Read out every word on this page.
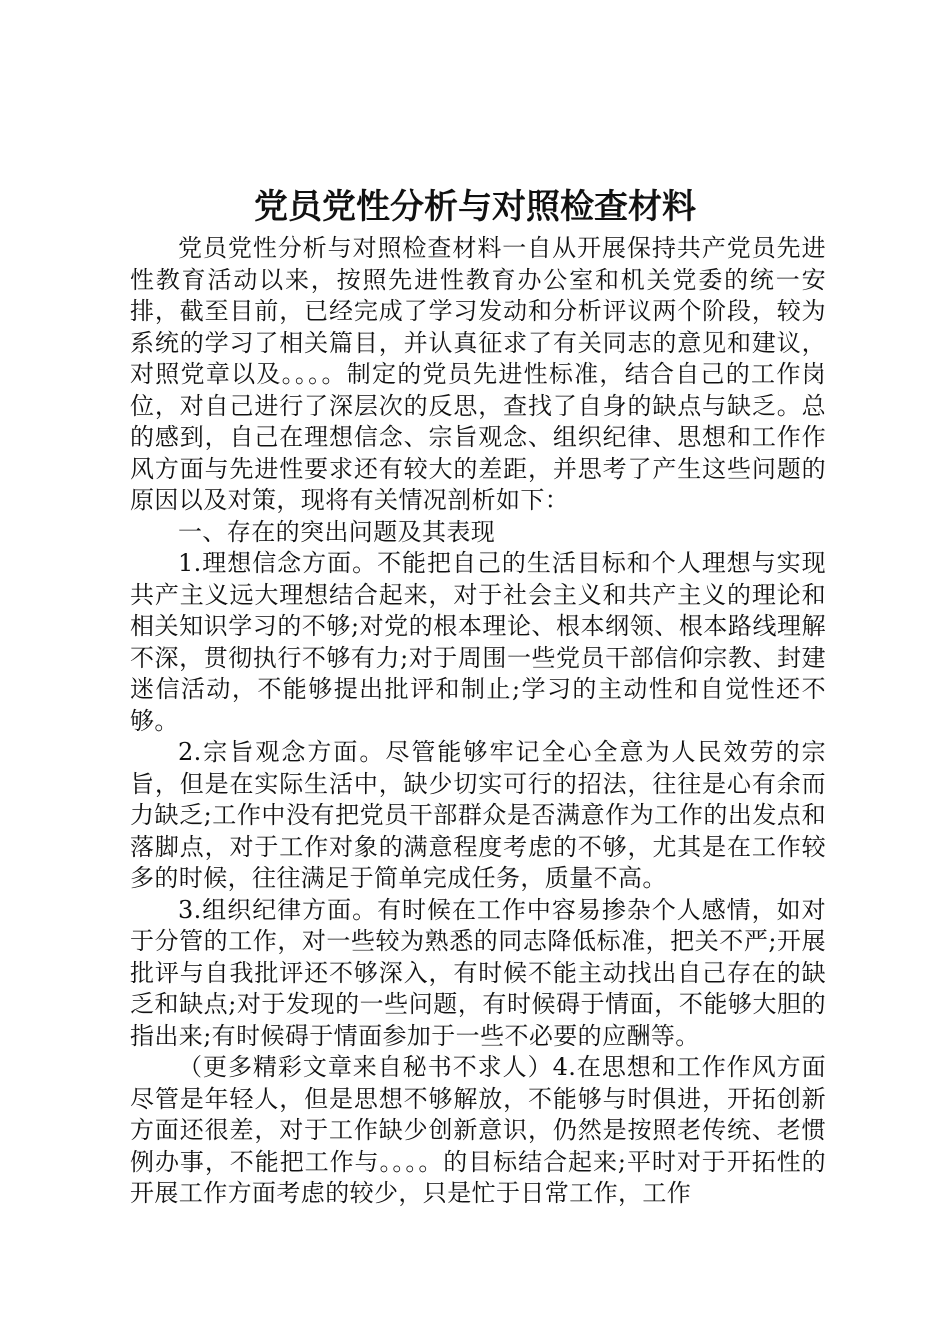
党员党性分析与对照检查材料

党员党性分析与对照检查材料一自从开展保持共产党员先进性教育活动以来，按照先进性教育办公室和机关党委的统一安排，截至目前，已经完成了学习发动和分析评议两个阶段，较为系统的学习了相关篇目，并认真征求了有关同志的意见和建议，对照党章以及。。。。制定的党员先进性标准，结合自己的工作岗位，对自己进行了深层次的反思，查找了自身的缺点与缺乏。总的感到，自己在理想信念、宗旨观念、组织纪律、思想和工作作风方面与先进性要求还有较大的差距，并思考了产生这些问题的原因以及对策，现将有关情况剖析如下：

一、存在的突出问题及其表现

1.理想信念方面。不能把自己的生活目标和个人理想与实现共产主义远大理想结合起来，对于社会主义和共产主义的理论和相关知识学习的不够;对党的根本理论、根本纲领、根本路线理解不深，贯彻执行不够有力;对于周围一些党员干部信仰宗教、封建迷信活动，不能够提出批评和制止;学习的主动性和自觉性还不够。

2.宗旨观念方面。尽管能够牢记全心全意为人民效劳的宗旨，但是在实际生活中，缺少切实可行的招法，往往是心有余而力缺乏;工作中没有把党员干部群众是否满意作为工作的出发点和落脚点，对于工作对象的满意程度考虑的不够，尤其是在工作较多的时候，往往满足于简单完成任务，质量不高。

3.组织纪律方面。有时候在工作中容易掺杂个人感情，如对于分管的工作，对一些较为熟悉的同志降低标准，把关不严;开展批评与自我批评还不够深入，有时候不能主动找出自己存在的缺乏和缺点;对于发现的一些问题，有时候碍于情面，不能够大胆的指出来;有时候碍于情面参加于一些不必要的应酬等。

（更多精彩文章来自秘书不求人）4.在思想和工作作风方面尽管是年轻人，但是思想不够解放，不能够与时俱进，开拓创新方面还很差，对于工作缺少创新意识，仍然是按照老传统、老惯例办事，不能把工作与。。。。的目标结合起来;平时对于开拓性的开展工作方面考虑的较少，只是忙于日常工作，工作
